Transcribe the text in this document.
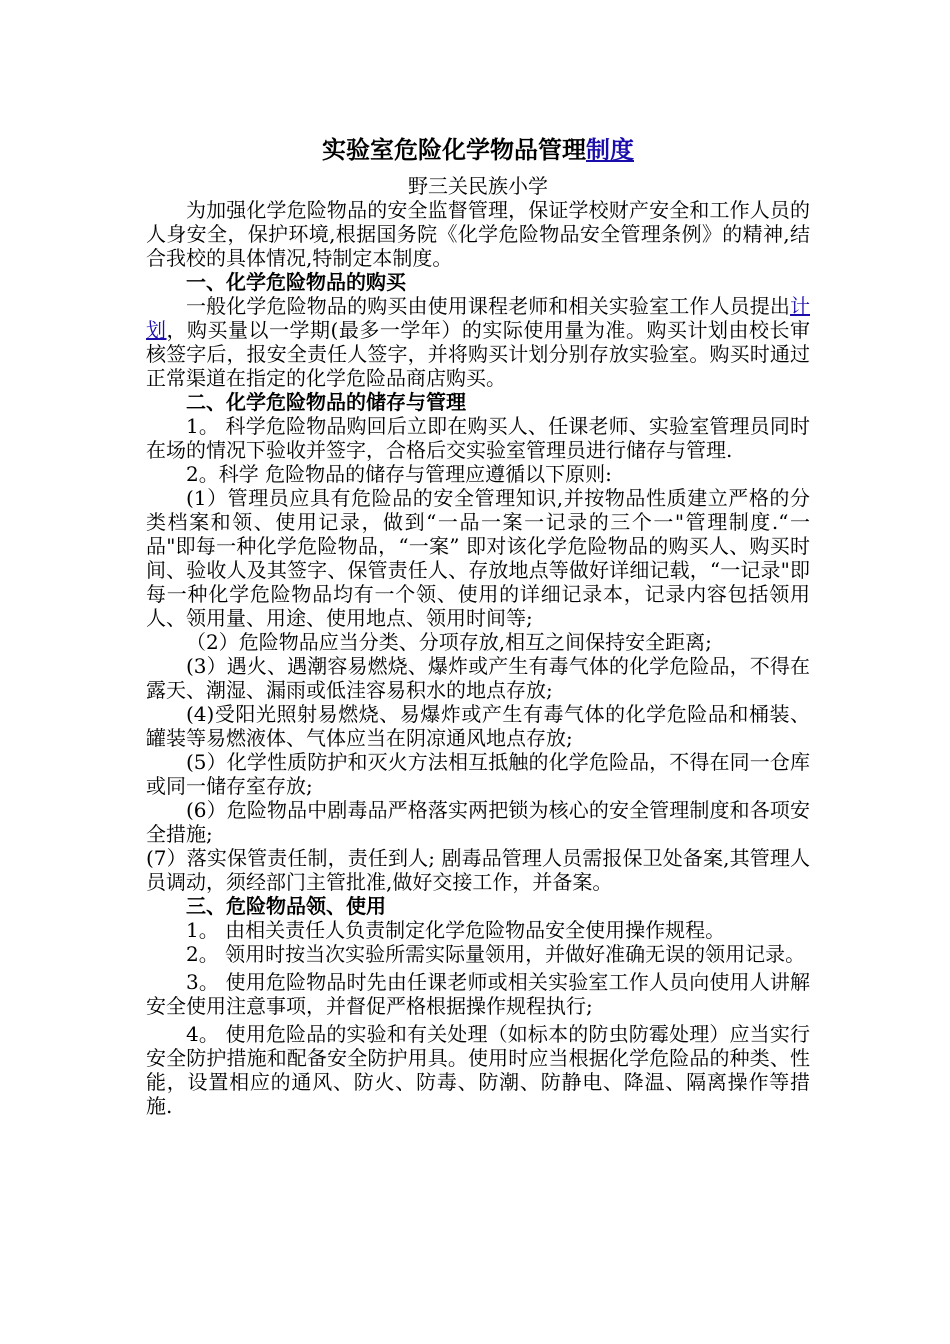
实验室危险化学物品管理制度
野三关民族小学

为加强化学危险物品的安全监督管理，保证学校财产安全和工作人员的人身安全，保护环境,根据国务院《化学危险物品安全管理条例》的精神,结合我校的具体情况,特制定本制度。

一、化学危险物品的购买

一般化学危险物品的购买由使用课程老师和相关实验室工作人员提出计划，购买量以一学期(最多一学年）的实际使用量为准。购买计划由校长审核签字后，报安全责任人签字，并将购买计划分别存放实验室。购买时通过正常渠道在指定的化学危险品商店购买。

二、化学危险物品的储存与管理

1。 科学危险物品购回后立即在购买人、任课老师、实验室管理员同时在场的情况下验收并签字，合格后交实验室管理员进行储存与管理.

2。科学 危险物品的储存与管理应遵循以下原则:

(1）管理员应具有危险品的安全管理知识,并按物品性质建立严格的分类档案和领、使用记录，做到“一品一案一记录的三个一"管理制度.“一品"即每一种化学危险物品，“一案” 即对该化学危险物品的购买人、购买时间、验收人及其签字、保管责任人、存放地点等做好详细记载，“一记录"即每一种化学危险物品均有一个领、使用的详细记录本，记录内容包括领用人、领用量、用途、使用地点、领用时间等;

（2）危险物品应当分类、分项存放,相互之间保持安全距离;

(3）遇火、遇潮容易燃烧、爆炸或产生有毒气体的化学危险品，不得在露天、潮湿、漏雨或低洼容易积水的地点存放;

(4)受阳光照射易燃烧、易爆炸或产生有毒气体的化学危险品和桶装、罐装等易燃液体、气体应当在阴凉通风地点存放;

(5）化学性质防护和灭火方法相互抵触的化学危险品，不得在同一仓库或同一储存室存放;

(6）危险物品中剧毒品严格落实两把锁为核心的安全管理制度和各项安全措施;

(7）落实保管责任制，责任到人; 剧毒品管理人员需报保卫处备案,其管理人员调动，须经部门主管批准,做好交接工作，并备案。

三、危险物品领、使用

1。 由相关责任人负责制定化学危险物品安全使用操作规程。

2。 领用时按当次实验所需实际量领用，并做好准确无误的领用记录。

3。 使用危险物品时先由任课老师或相关实验室工作人员向使用人讲解安全使用注意事项，并督促严格根据操作规程执行;

4。 使用危险品的实验和有关处理（如标本的防虫防霉处理）应当实行安全防护措施和配备安全防护用具。使用时应当根据化学危险品的种类、性能，设置相应的通风、防火、防毒、防潮、防静电、降温、隔离操作等措施.
